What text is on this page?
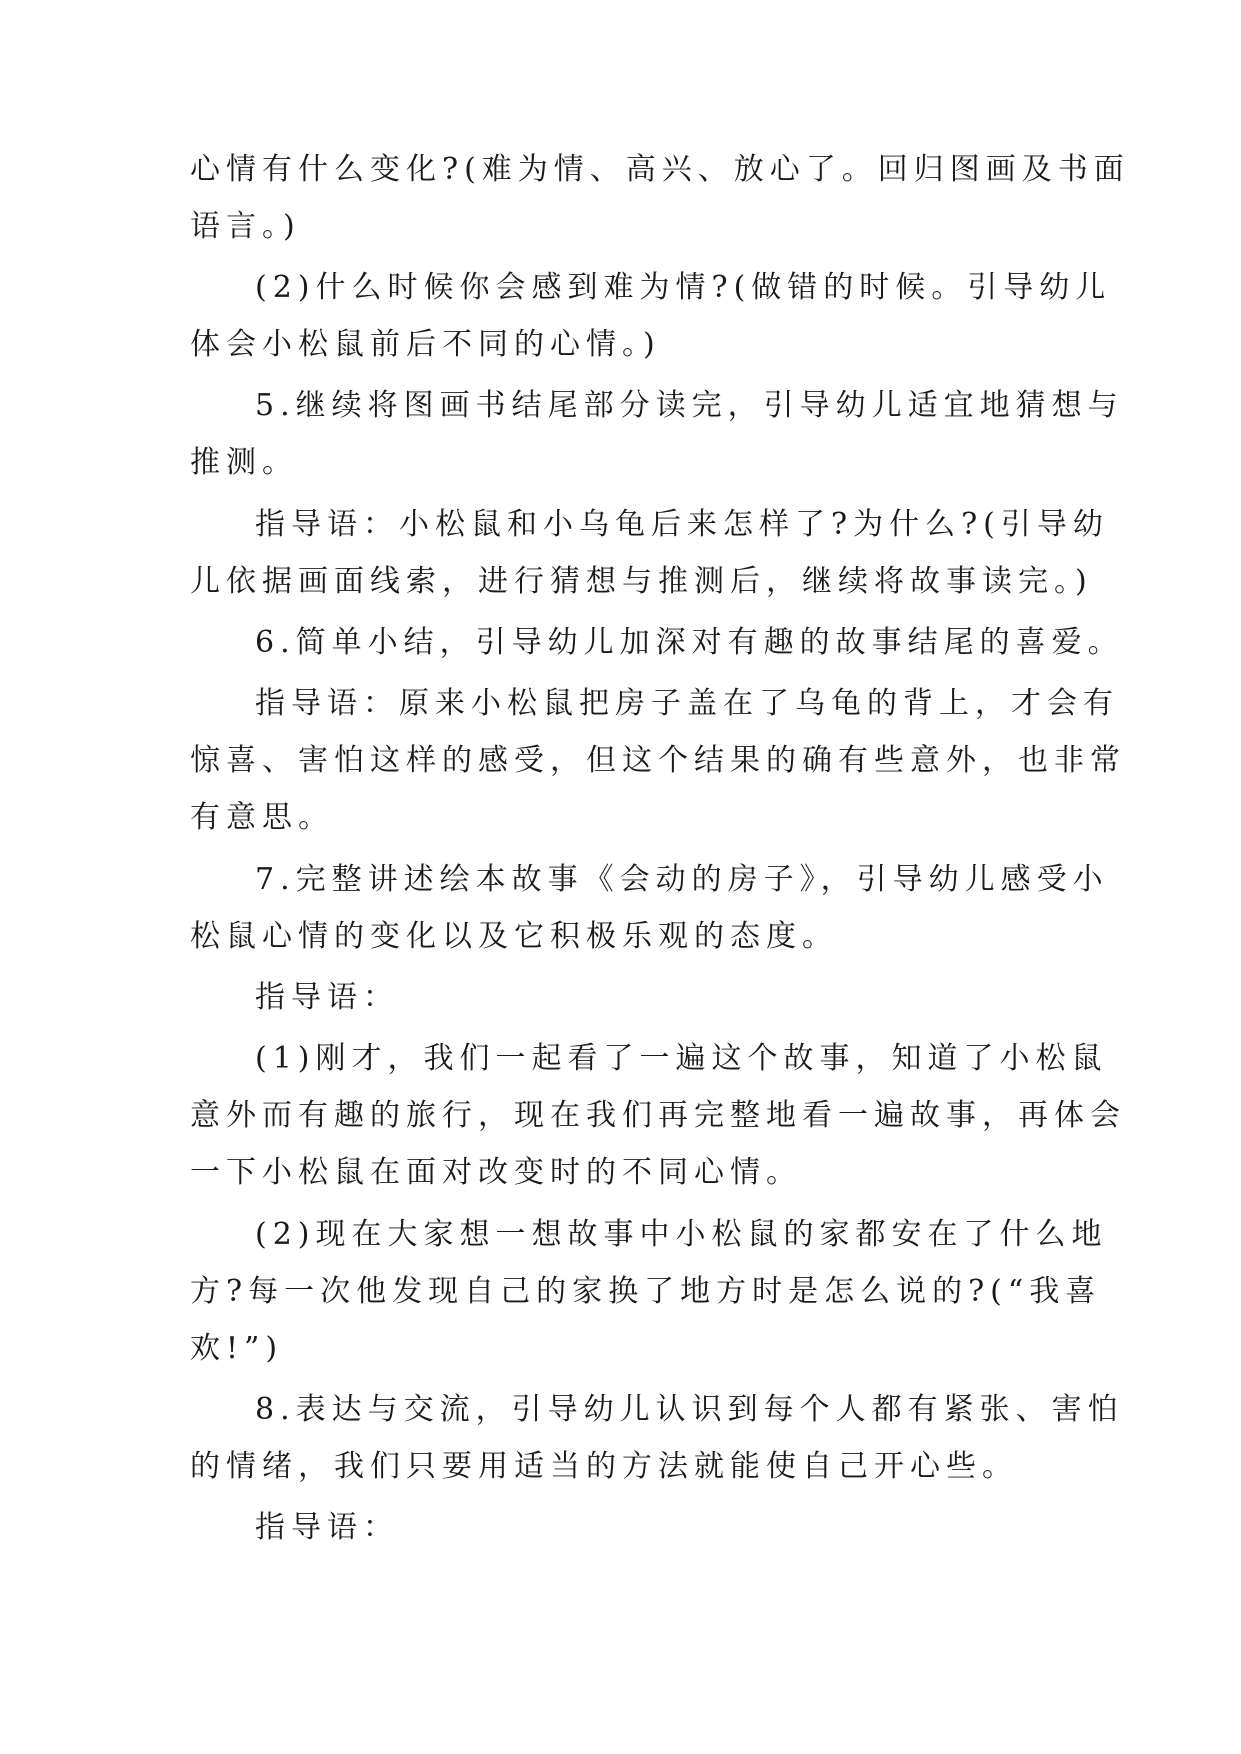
心情有什么变化?(难为情、高兴、放心了。回归图画及书面
语言。)
(2)什么时候你会感到难为情?(做错的时候。引导幼儿
体会小松鼠前后不同的心情。)
5.继续将图画书结尾部分读完，引导幼儿适宜地猜想与
推测。
指导语：小松鼠和小乌龟后来怎样了?为什么?(引导幼
儿依据画面线索，进行猜想与推测后，继续将故事读完。)
6.简单小结，引导幼儿加深对有趣的故事结尾的喜爱。
指导语：原来小松鼠把房子盖在了乌龟的背上，才会有
惊喜、害怕这样的感受，但这个结果的确有些意外，也非常
有意思。
7.完整讲述绘本故事《会动的房子》，引导幼儿感受小
松鼠心情的变化以及它积极乐观的态度。
指导语：
(1)刚才，我们一起看了一遍这个故事，知道了小松鼠
意外而有趣的旅行，现在我们再完整地看一遍故事，再体会
一下小松鼠在面对改变时的不同心情。
(2)现在大家想一想故事中小松鼠的家都安在了什么地
方?每一次他发现自己的家换了地方时是怎么说的?(“我喜
欢!”)
8.表达与交流，引导幼儿认识到每个人都有紧张、害怕
的情绪，我们只要用适当的方法就能使自己开心些。
指导语：
